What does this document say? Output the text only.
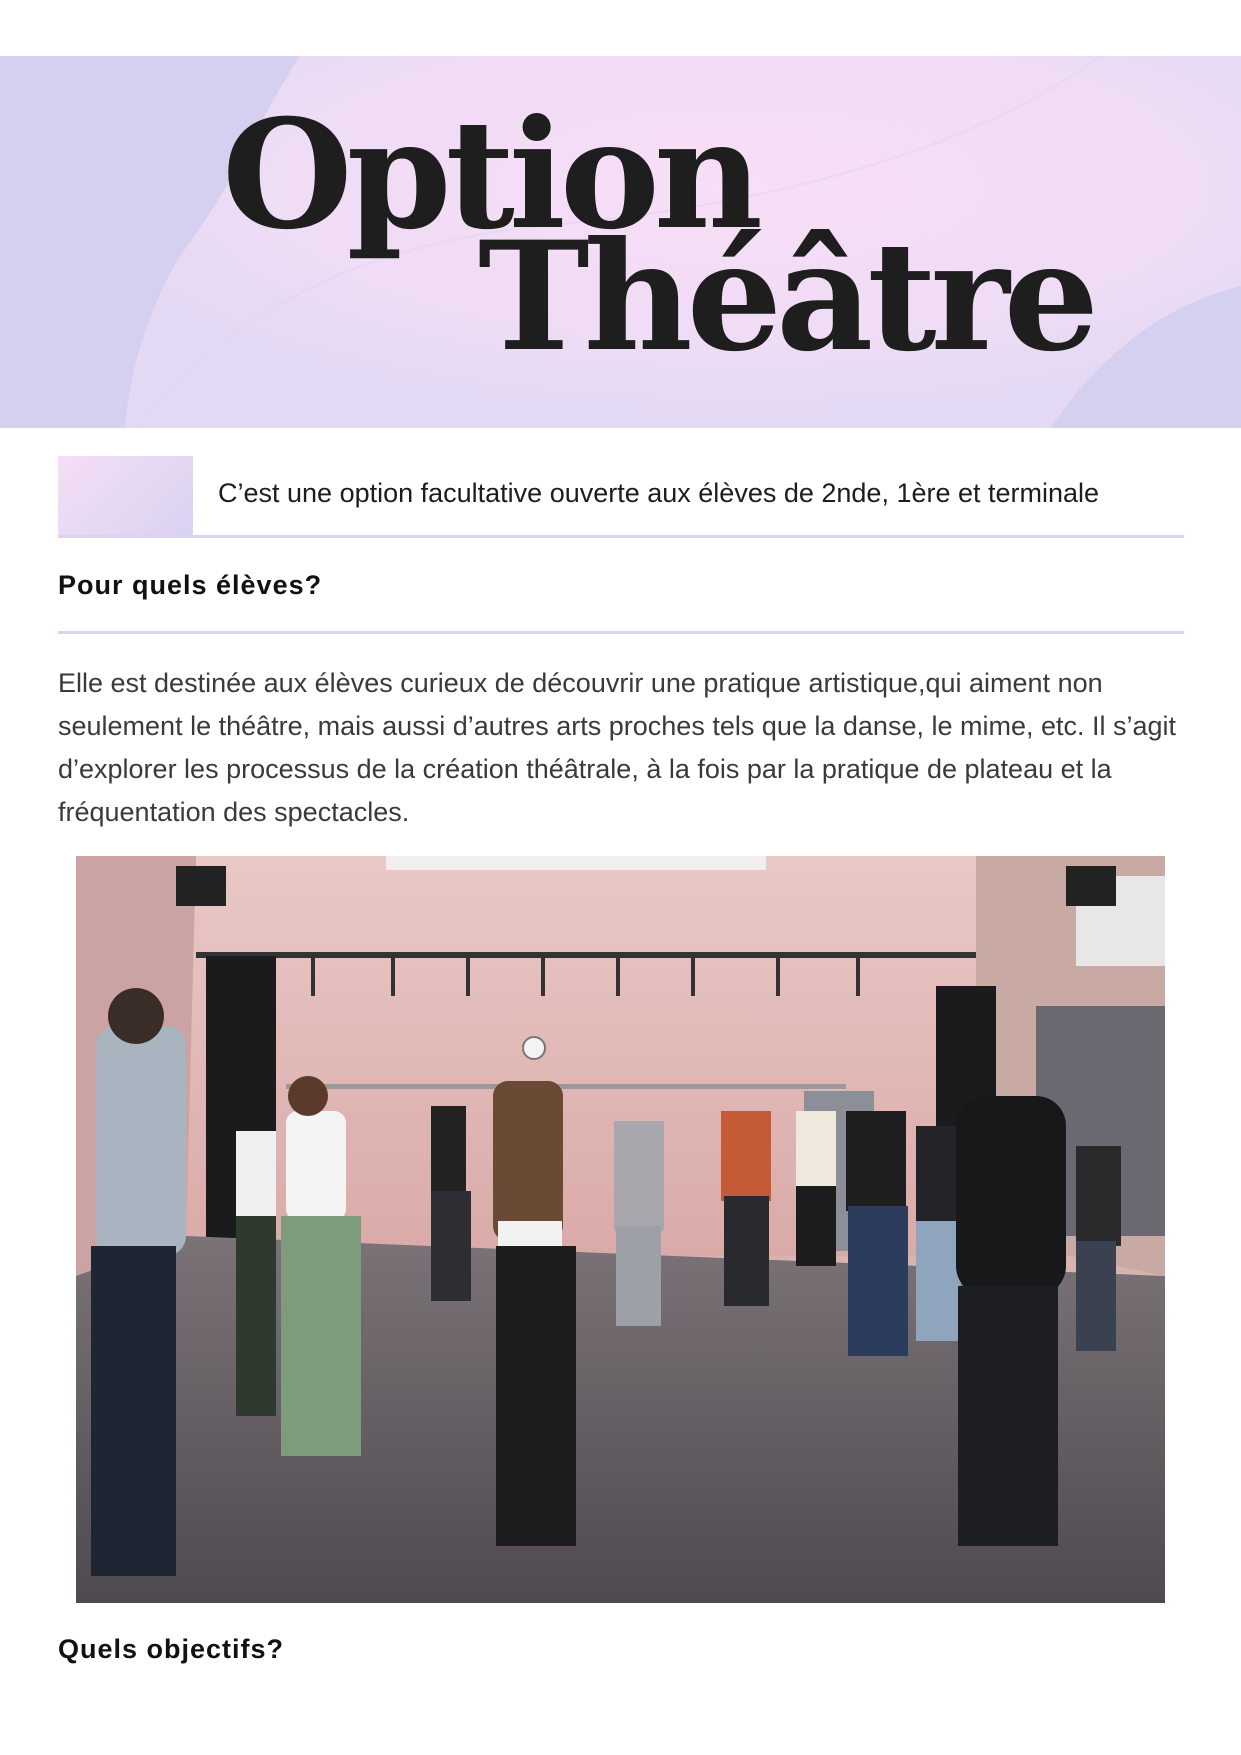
Option
Théâtre
C’est une option facultative ouverte aux élèves de 2nde, 1ère et terminale
Pour quels élèves?
Elle est destinée aux élèves curieux de découvrir une pratique artistique,qui aiment non seulement le théâtre, mais aussi d’autres arts proches tels que la danse, le mime, etc. Il s’agit d’explorer les processus de la création théâtrale, à la fois par la pratique de plateau et la fréquentation des spectacles.
Quels objectifs?
